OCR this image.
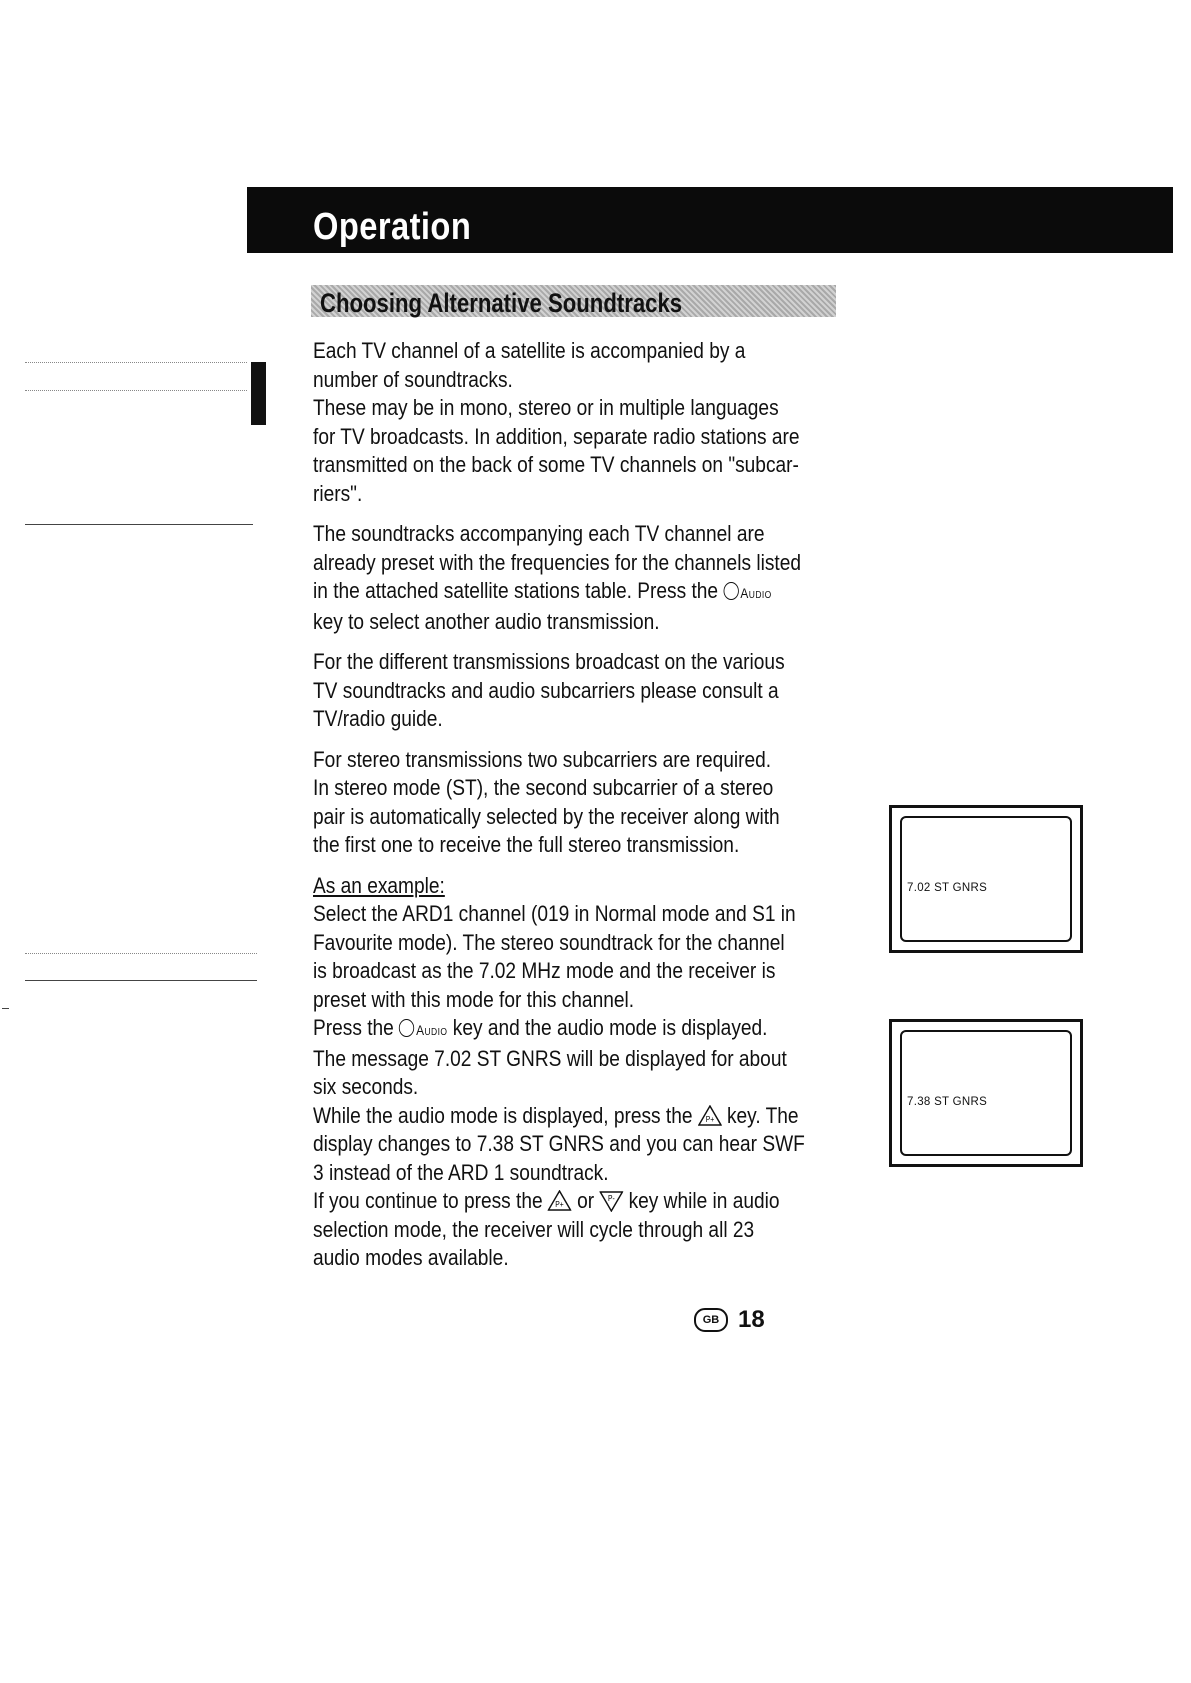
Operation
Choosing Alternative Soundtracks

Each TV channel of a satellite is accompanied by a
number of soundtracks.
These may be in mono, stereo or in multiple languages
for TV broadcasts. In addition, separate radio stations are
transmitted on the back of some TV channels on "subcar-
riers".

The soundtracks accompanying each TV channel are
already preset with the frequencies for the channels listed
in the attached satellite stations table. Press the Audio
key to select another audio transmission.

For the different transmissions broadcast on the various
TV soundtracks and audio subcarriers please consult a
TV/radio guide.

For stereo transmissions two subcarriers are required.
In stereo mode (ST), the second subcarrier of a stereo
pair is automatically selected by the receiver along with
the first one to receive the full stereo transmission.

As an example:
Select the ARD1 channel (019 in Normal mode and S1 in
Favourite mode). The stereo soundtrack for the channel
is broadcast as the 7.02 MHz mode and the receiver is
preset with this mode for this channel.
Press the Audio key and the audio mode is displayed.
The message 7.02 ST GNRS will be displayed for about
six seconds.
While the audio mode is displayed, press the P+ key. The
display changes to 7.38 ST GNRS and you can hear SWF
3 instead of the ARD 1 soundtrack.
If you continue to press the P+ or P- key while in audio
selection mode, the receiver will cycle through all 23
audio modes available.

7.02 ST GNRS
7.38 ST GNRS
GB 18
